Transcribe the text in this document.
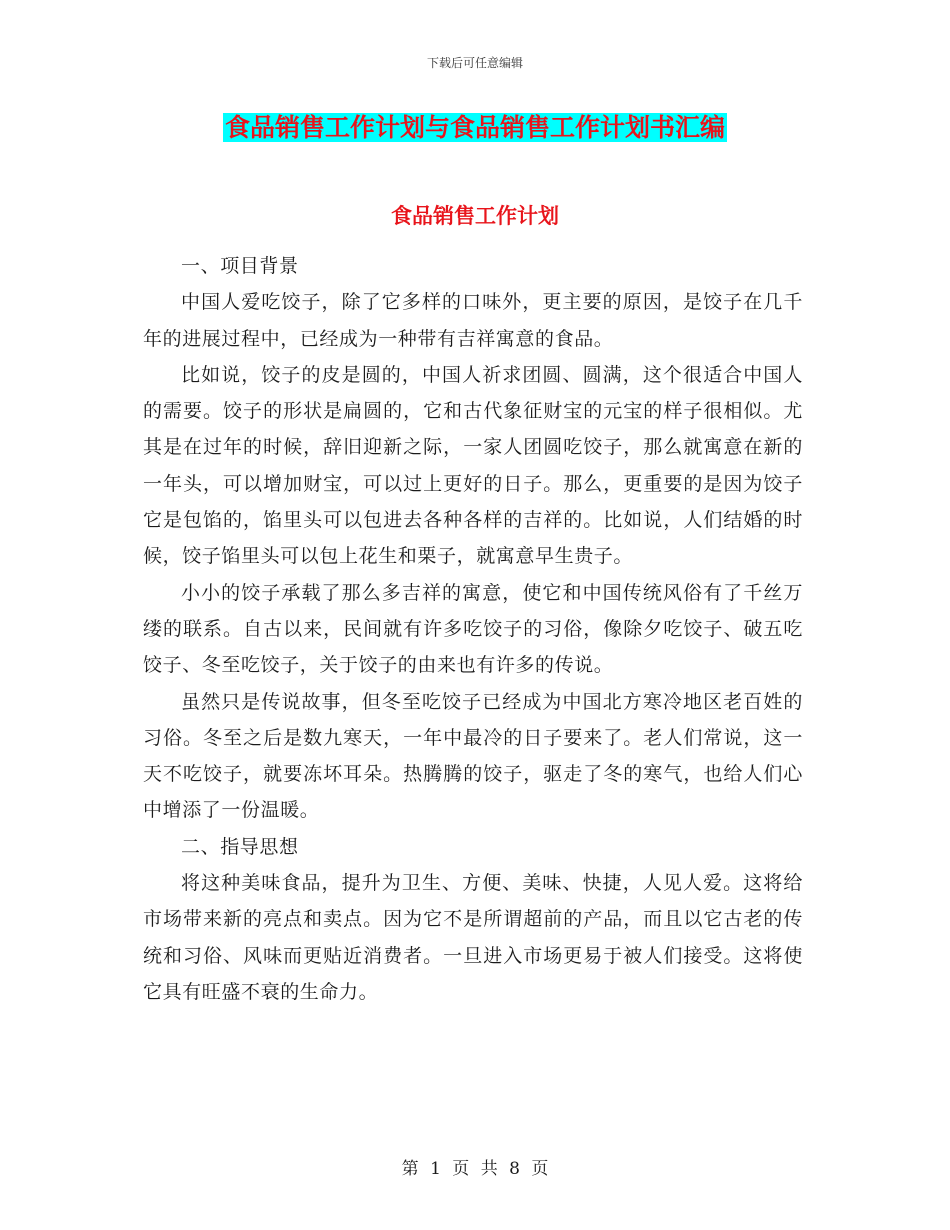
下载后可任意编辑
食品销售工作计划与食品销售工作计划书汇编
食品销售工作计划

一、项目背景

中国人爱吃饺子，除了它多样的口味外，更主要的原因，是饺子在几千年的进展过程中，已经成为一种带有吉祥寓意的食品。

比如说，饺子的皮是圆的，中国人祈求团圆、圆满，这个很适合中国人的需要。饺子的形状是扁圆的，它和古代象征财宝的元宝的样子很相似。尤其是在过年的时候，辞旧迎新之际，一家人团圆吃饺子，那么就寓意在新的一年头，可以增加财宝，可以过上更好的日子。那么，更重要的是因为饺子它是包馅的，馅里头可以包进去各种各样的吉祥的。比如说，人们结婚的时候，饺子馅里头可以包上花生和栗子，就寓意早生贵子。

小小的饺子承载了那么多吉祥的寓意，使它和中国传统风俗有了千丝万缕的联系。自古以来，民间就有许多吃饺子的习俗，像除夕吃饺子、破五吃饺子、冬至吃饺子，关于饺子的由来也有许多的传说。

虽然只是传说故事，但冬至吃饺子已经成为中国北方寒冷地区老百姓的习俗。冬至之后是数九寒天，一年中最冷的日子要来了。老人们常说，这一天不吃饺子，就要冻坏耳朵。热腾腾的饺子，驱走了冬的寒气，也给人们心中增添了一份温暖。

二、指导思想

将这种美味食品，提升为卫生、方便、美味、快捷，人见人爱。这将给市场带来新的亮点和卖点。因为它不是所谓超前的产品，而且以它古老的传统和习俗、风味而更贴近消费者。一旦进入市场更易于被人们接受。这将使它具有旺盛不衰的生命力。

第 1 页 共 8 页
